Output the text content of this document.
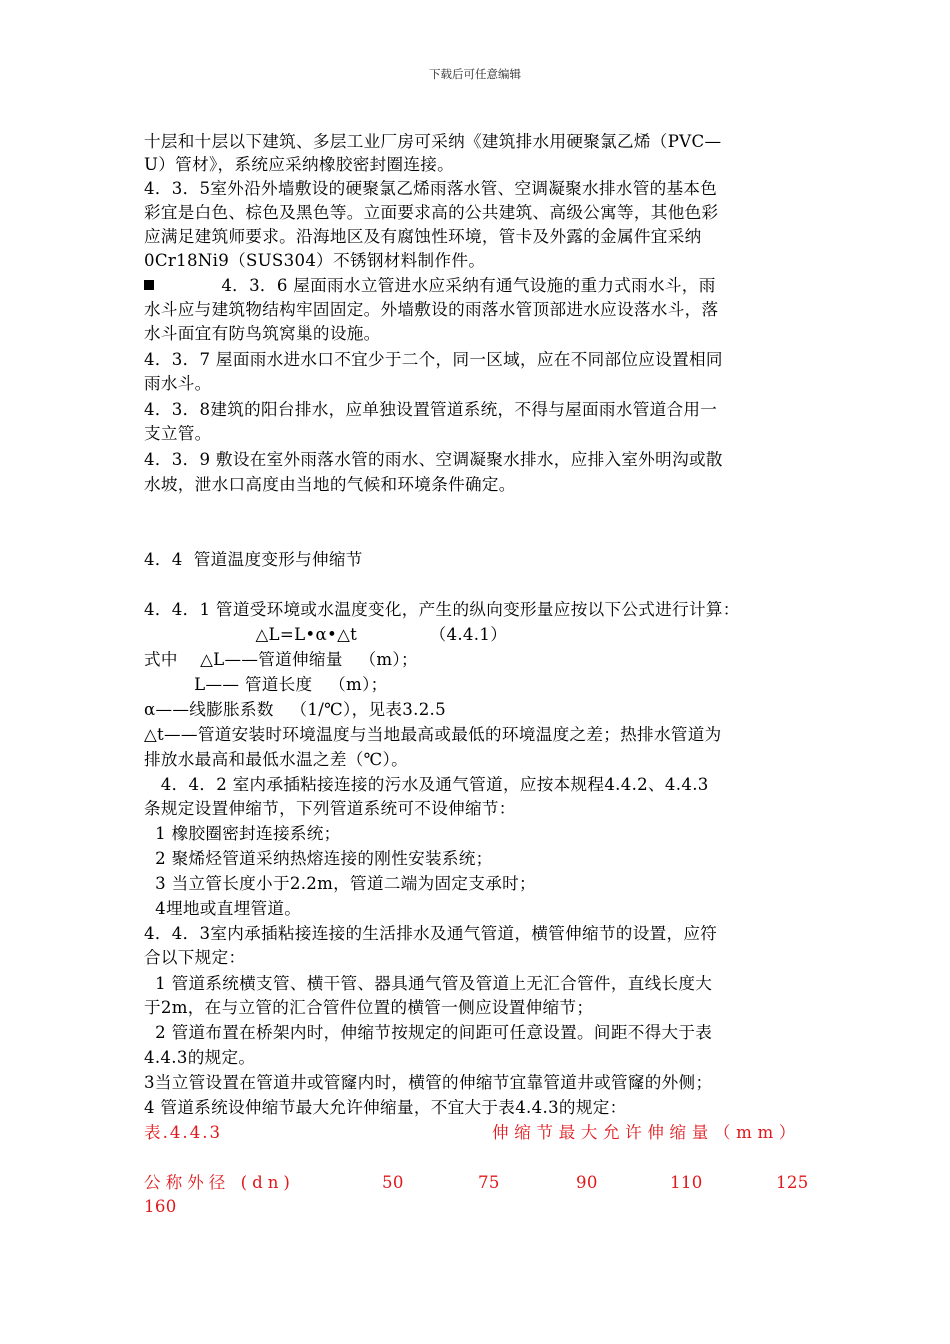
下载后可任意编辑
十层和十层以下建筑、多层工业厂房可采纳《建筑排水用硬聚氯乙烯（PVC—
U）管材》，系统应采纳橡胶密封圈连接。
4．3．5室外沿外墙敷设的硬聚氯乙烯雨落水管、空调凝聚水排水管的基本色
彩宜是白色、棕色及黑色等。立面要求高的公共建筑、高级公寓等，其他色彩
应满足建筑师要求。沿海地区及有腐蚀性环境，管卡及外露的金属件宜采纳
0Cr18Ni9（SUS304）不锈钢材料制作件。
4．3．6 屋面雨水立管进水应采纳有通气设施的重力式雨水斗，雨
水斗应与建筑物结构牢固固定。外墙敷设的雨落水管顶部进水应设落水斗，落
水斗面宜有防鸟筑窝巢的设施。
4．3．7 屋面雨水进水口不宜少于二个，同一区域，应在不同部位应设置相同
雨水斗。
4．3．8建筑的阳台排水，应单独设置管道系统，不得与屋面雨水管道合用一
支立管。
4．3．9 敷设在室外雨落水管的雨水、空调凝聚水排水，应排入室外明沟或散
水坡，泄水口高度由当地的气候和环境条件确定。
4．4  管道温度变形与伸缩节
4．4．1 管道受环境或水温度变化，产生的纵向变形量应按以下公式进行计算：
△L=L•α•△t             （4.4.1）
式中    △L——管道伸缩量   （m）；
L—— 管道长度   （m）；
α——线膨胀系数   （1/℃），见表3.2.5
△t——管道安装时环境温度与当地最高或最低的环境温度之差；热排水管道为
排放水最高和最低水温之差（℃）。
4．4．2 室内承插粘接连接的污水及通气管道，应按本规程4.4.2、4.4.3
条规定设置伸缩节，下列管道系统可不设伸缩节：
1 橡胶圈密封连接系统；
2 聚烯烃管道采纳热熔连接的刚性安装系统；
3 当立管长度小于2.2m，管道二端为固定支承时；
4埋地或直埋管道。
4．4．3室内承插粘接连接的生活排水及通气管道，横管伸缩节的设置，应符
合以下规定：
1 管道系统横支管、横干管、器具通气管及管道上无汇合管件，直线长度大
于2m，在与立管的汇合管件位置的横管一侧应设置伸缩节；
2 管道布置在桥架内时，伸缩节按规定的间距可任意设置。间距不得大于表
4.4.3的规定。
3当立管设置在管道井或管窿内时，横管的伸缩节宜靠管道井或管窿的外侧；
4 管道系统设伸缩节最大允许伸缩量，不宜大于表4.4.3的规定：
表.4.4.3	伸缩节最大允许伸缩量（mm）
公称外径 (dn)	50	75	90	110	125
160
